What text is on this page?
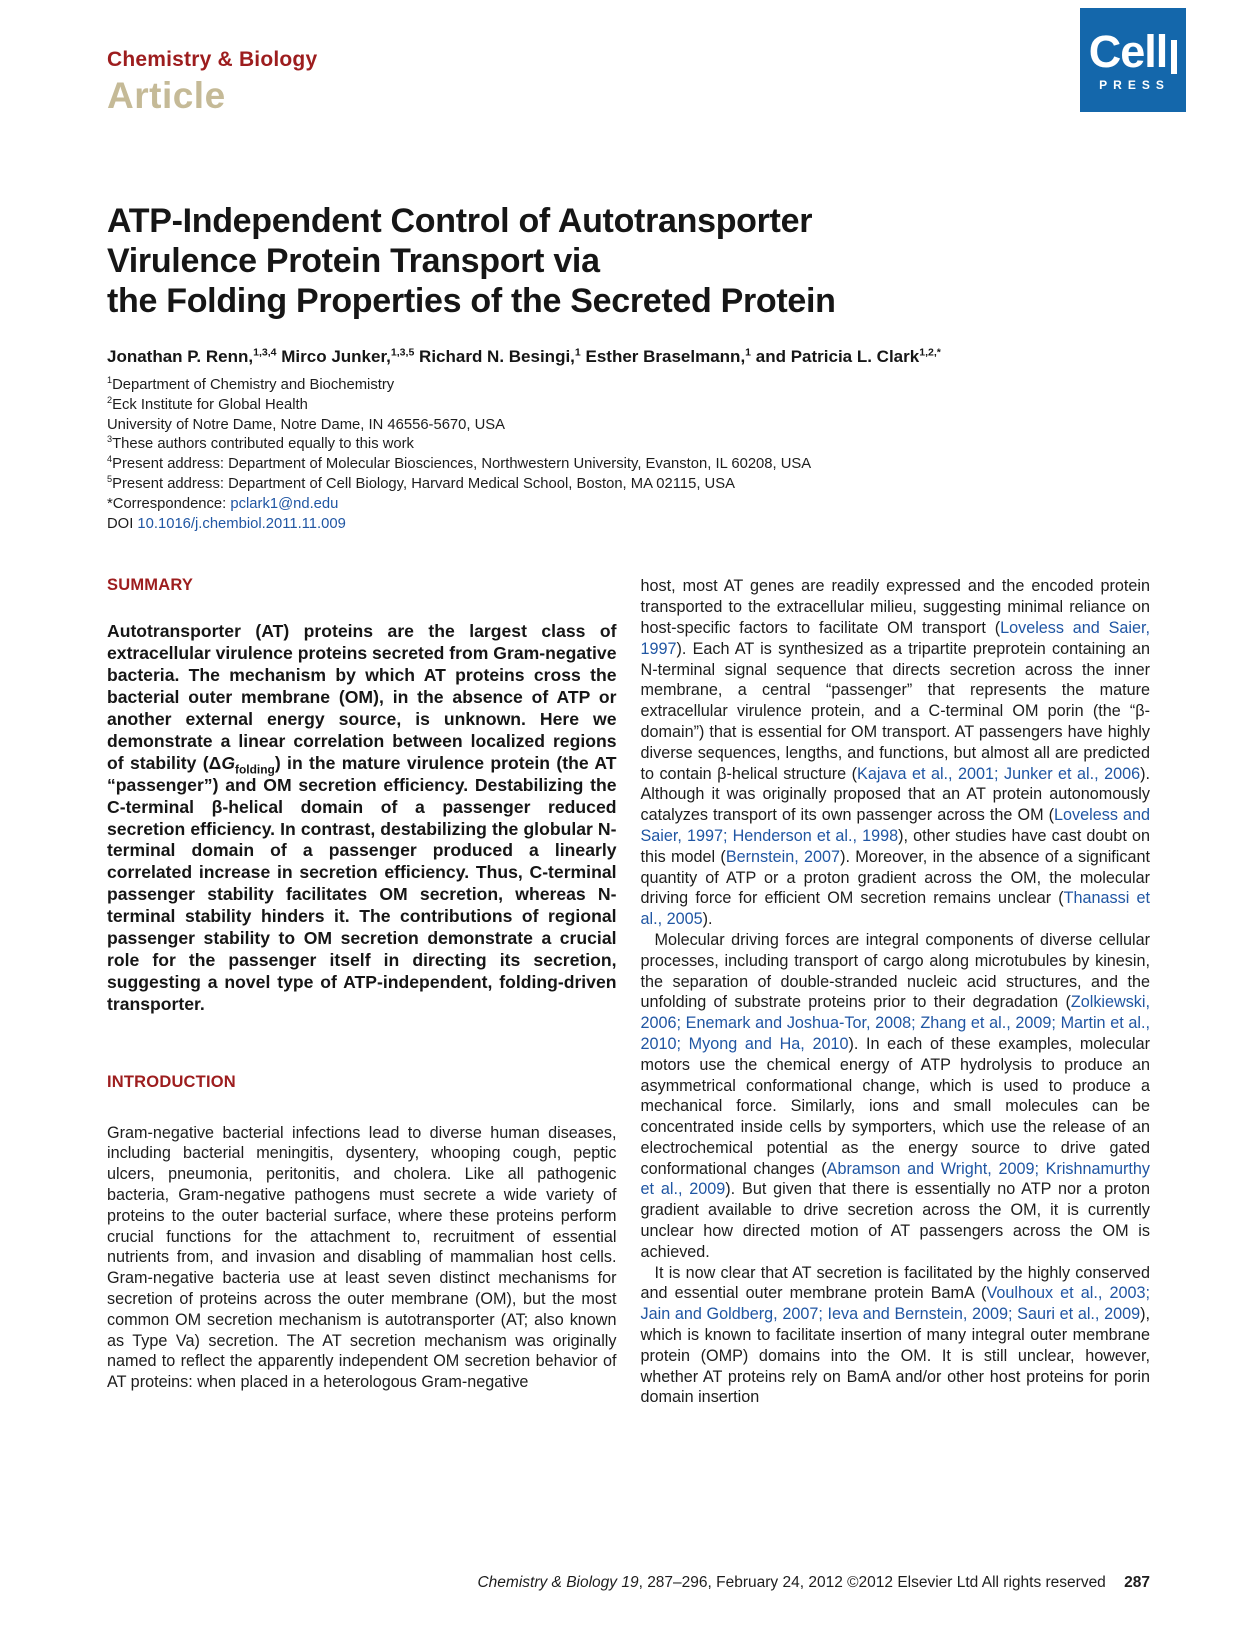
Chemistry & Biology
Article
ATP-Independent Control of Autotransporter
Virulence Protein Transport via
the Folding Properties of the Secreted Protein
Jonathan P. Renn,$^{1,3,4}$ Mirco Junker,$^{1,3,5}$ Richard N. Besingi,$^1$ Esther Braselmann,$^1$ and Patricia L. Clark$^{1,2,*}$
$^1$Department of Chemistry and Biochemistry
$^2$Eck Institute for Global Health
University of Notre Dame, Notre Dame, IN 46556-5670, USA
$^3$These authors contributed equally to this work
$^4$Present address: Department of Molecular Biosciences, Northwestern University, Evanston, IL 60208, USA
$^5$Present address: Department of Cell Biology, Harvard Medical School, Boston, MA 02115, USA
*Correspondence: pclark1@nd.edu
DOI 10.1016/j.chembiol.2011.11.009
SUMMARY

Autotransporter (AT) proteins are the largest class of extracellular virulence proteins secreted from Gram-negative bacteria. The mechanism by which AT proteins cross the bacterial outer membrane (OM), in the absence of ATP or another external energy source, is unknown. Here we demonstrate a linear correlation between localized regions of stability $(\Delta G_{folding})$ in the mature virulence protein (the AT “passenger”) and OM secretion efficiency. Destabilizing the C-terminal β-helical domain of a passenger reduced secretion efficiency. In contrast, destabilizing the globular N-terminal domain of a passenger produced a linearly correlated increase in secretion efficiency. Thus, C-terminal passenger stability facilitates OM secretion, whereas N-terminal stability hinders it. The contributions of regional passenger stability to OM secretion demonstrate a crucial role for the passenger itself in directing its secretion, suggesting a novel type of ATP-independent, folding-driven transporter.

INTRODUCTION

Gram-negative bacterial infections lead to diverse human diseases, including bacterial meningitis, dysentery, whooping cough, peptic ulcers, pneumonia, peritonitis, and cholera. Like all pathogenic bacteria, Gram-negative pathogens must secrete a wide variety of proteins to the outer bacterial surface, where these proteins perform crucial functions for the attachment to, recruitment of essential nutrients from, and invasion and disabling of mammalian host cells. Gram-negative bacteria use at least seven distinct mechanisms for secretion of proteins across the outer membrane (OM), but the most common OM secretion mechanism is autotransporter (AT; also known as Type Va) secretion. The AT secretion mechanism was originally named to reflect the apparently independent OM secretion behavior of AT proteins: when placed in a heterologous Gram-negative

host, most AT genes are readily expressed and the encoded protein transported to the extracellular milieu, suggesting minimal reliance on host-specific factors to facilitate OM transport (Loveless and Saier, 1997). Each AT is synthesized as a tripartite preprotein containing an N-terminal signal sequence that directs secretion across the inner membrane, a central “passenger” that represents the mature extracellular virulence protein, and a C-terminal OM porin (the “β-domain”) that is essential for OM transport. AT passengers have highly diverse sequences, lengths, and functions, but almost all are predicted to contain β-helical structure (Kajava et al., 2001; Junker et al., 2006). Although it was originally proposed that an AT protein autonomously catalyzes transport of its own passenger across the OM (Loveless and Saier, 1997; Henderson et al., 1998), other studies have cast doubt on this model (Bernstein, 2007). Moreover, in the absence of a significant quantity of ATP or a proton gradient across the OM, the molecular driving force for efficient OM secretion remains unclear (Thanassi et al., 2005).

Molecular driving forces are integral components of diverse cellular processes, including transport of cargo along microtubules by kinesin, the separation of double-stranded nucleic acid structures, and the unfolding of substrate proteins prior to their degradation (Zolkiewski, 2006; Enemark and Joshua-Tor, 2008; Zhang et al., 2009; Martin et al., 2010; Myong and Ha, 2010). In each of these examples, molecular motors use the chemical energy of ATP hydrolysis to produce an asymmetrical conformational change, which is used to produce a mechanical force. Similarly, ions and small molecules can be concentrated inside cells by symporters, which use the release of an electrochemical potential as the energy source to drive gated conformational changes (Abramson and Wright, 2009; Krishnamurthy et al., 2009). But given that there is essentially no ATP nor a proton gradient available to drive secretion across the OM, it is currently unclear how directed motion of AT passengers across the OM is achieved.

It is now clear that AT secretion is facilitated by the highly conserved and essential outer membrane protein BamA (Voulhoux et al., 2003; Jain and Goldberg, 2007; Ieva and Bernstein, 2009; Sauri et al., 2009), which is known to facilitate insertion of many integral outer membrane protein (OMP) domains into the OM. It is still unclear, however, whether AT proteins rely on BamA and/or other host proteins for porin domain insertion

Cell
PRESS
Chemistry & Biology 19, 287–296, February 24, 2012 ©2012 Elsevier Ltd All rights reserved 287
